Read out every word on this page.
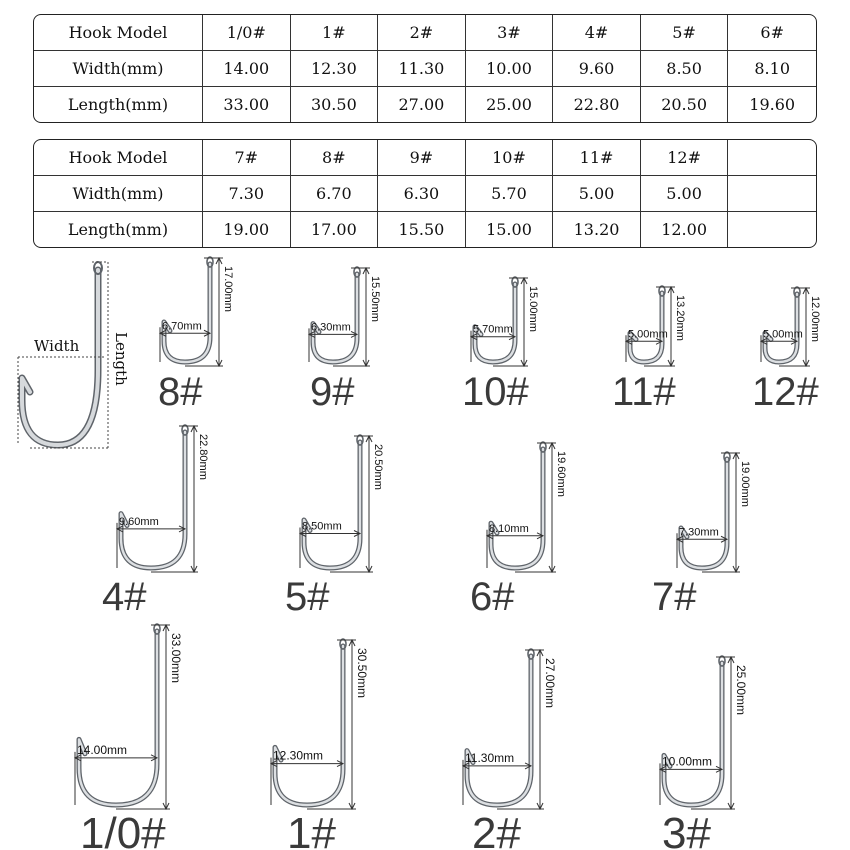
Hook Model	1/0#	1#	2#	3#	4#	5#	6#
Width(mm)	14.00	12.30	11.30	10.00	9.60	8.50	8.10
Length(mm)	33.00	30.50	27.00	25.00	22.80	20.50	19.60
Hook Model	7#	8#	9#	10#	11#	12#	
Width(mm)	7.30	6.70	6.30	5.70	5.00	5.00	
Length(mm)	19.00	17.00	15.50	15.00	13.20	12.00	
Width Length
17.00mm
6.70mm
8#
15.50mm
6.30mm
9#
15.00mm
5.70mm
10#
13.20mm
5.00mm
11#
12.00mm
5.00mm
12#
22.80mm
9.60mm
4#
20.50mm
8.50mm
5#
19.60mm
8.10mm
6#
19.00mm
7.30mm
7#
33.00mm
14.00mm
1/0#
30.50mm
12.30mm
1#
27.00mm
11.30mm
2#
25.00mm
10.00mm
3#
